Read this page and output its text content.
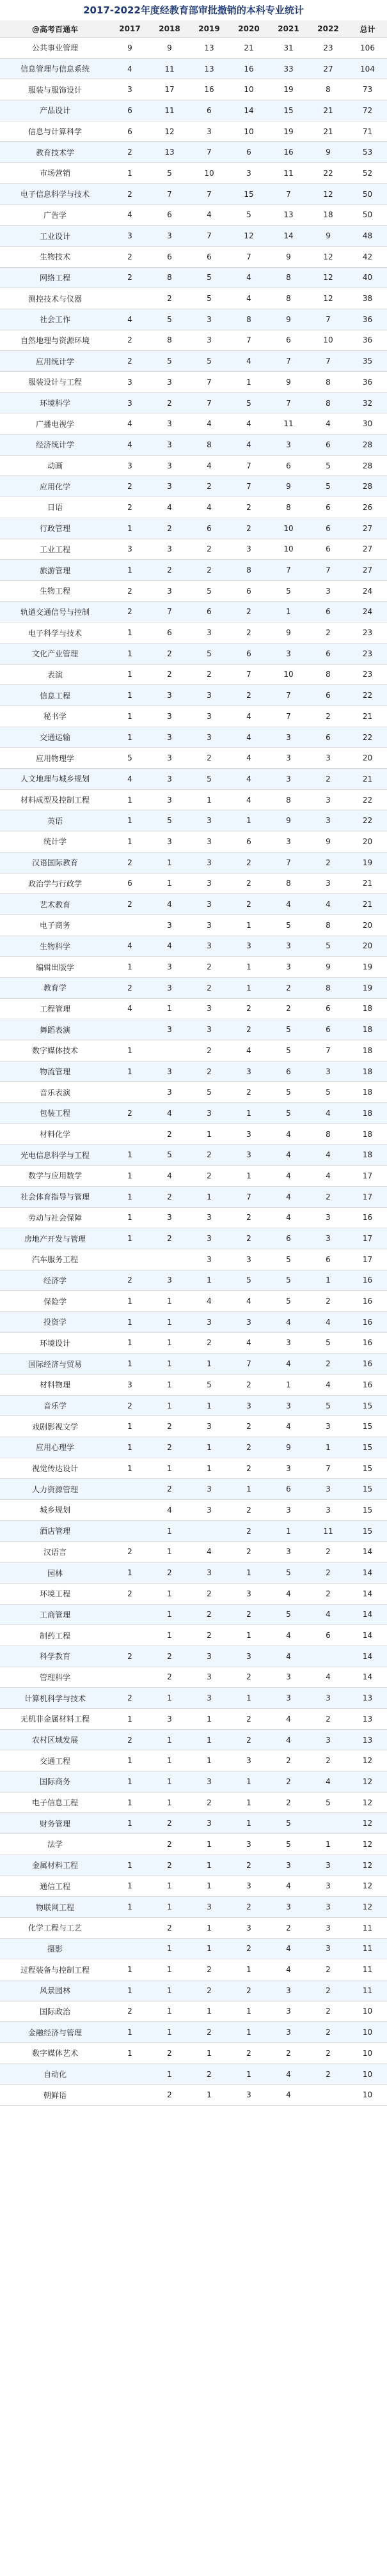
2017-2022年度经教育部审批撤销的本科专业统计
@高考百通车	2017	2018	2019	2020	2021	2022	总计
公共事业管理	9	9	13	21	31	23	106
信息管理与信息系统	4	11	13	16	33	27	104
服装与服饰设计	3	17	16	10	19	8	73
产品设计	6	11	6	14	15	21	72
信息与计算科学	6	12	3	10	19	21	71
教育技术学	2	13	7	6	16	9	53
市场营销	1	5	10	3	11	22	52
电子信息科学与技术	2	7	7	15	7	12	50
广告学	4	6	4	5	13	18	50
工业设计	3	3	7	12	14	9	48
生物技术	2	6	6	7	9	12	42
网络工程	2	8	5	4	8	12	40
测控技术与仪器		2	5	4	8	12	38
社会工作	4	5	3	8	9	7	36
自然地理与资源环境	2	8	3	7	6	10	36
应用统计学	2	5	5	4	7	7	35
服装设计与工程	3	3	7	1	9	8	36
环境科学	3	2	7	5	7	8	32
广播电视学	4	3	4	4	11	4	30
经济统计学	4	3	8	4	3	6	28
动画	3	3	4	7	6	5	28
应用化学	2	3	2	7	9	5	28
日语	2	4	4	2	8	6	26
行政管理	1	2	6	2	10	6	27
工业工程	3	3	2	3	10	6	27
旅游管理	1	2	2	8	7	7	27
生物工程	2	3	5	6	5	3	24
轨道交通信号与控制	2	7	6	2	1	6	24
电子科学与技术	1	6	3	2	9	2	23
文化产业管理	1	2	5	6	3	6	23
表演	1	2	2	7	10	8	23
信息工程	1	3	3	2	7	6	22
秘书学	1	3	3	4	7	2	21
交通运输	1	3	3	4	3	6	22
应用物理学	5	3	2	4	3	3	20
人文地理与城乡规划	4	3	5	4	3	2	21
材料成型及控制工程	1	3	1	4	8	3	22
英语	1	5	3	1	9	3	22
统计学	1	3	3	6	3	9	20
汉语国际教育	2	1	3	2	7	2	19
政治学与行政学	6	1	3	2	8	3	21
艺术教育	2	4	3	2	4	4	21
电子商务		3	3	1	5	8	20
生物科学	4	4	3	3	3	5	20
编辑出版学	1	3	2	1	3	9	19
教育学	2	3	2	1	2	8	19
工程管理	4	1	3	2	2	6	18
舞蹈表演		3	3	2	5	6	18
数字媒体技术	1		2	4	5	7	18
物流管理	1	3	2	3	6	3	18
音乐表演		3	5	2	5	5	18
包装工程	2	4	3	1	5	4	18
材料化学		2	1	3	4	8	18
光电信息科学与工程	1	5	2	3	4	4	18
数学与应用数学	1	4	2	1	4	4	17
社会体育指导与管理	1	2	1	7	4	2	17
劳动与社会保障	1	3	3	2	4	3	16
房地产开发与管理	1	2	3	2	6	3	17
汽车服务工程			3	3	5	6	17
经济学	2	3	1	5	5	1	16
保险学	1	1	4	4	5	2	16
投资学	1	1	3	3	4	4	16
环境设计	1	1	2	4	3	5	16
国际经济与贸易	1	1	1	7	4	2	16
材料物理	3	1	5	2	1	4	16
音乐学	2	1	1	3	3	5	15
戏剧影视文学	1	2	3	2	4	3	15
应用心理学	1	2	1	2	9	1	15
视觉传达设计	1	1	1	2	3	7	15
人力资源管理		2	3	1	6	3	15
城乡规划		4	3	2	3	3	15
酒店管理		1		2	1	11	15
汉语言	2	1	4	2	3	2	14
园林	1	2	3	1	5	2	14
环境工程	2	1	2	3	4	2	14
工商管理		1	2	2	5	4	14
制药工程		1	2	1	4	6	14
科学教育	2	2	3	3	4		14
管理科学		2	3	2	3	4	14
计算机科学与技术	2	1	3	1	3	3	13
无机非金属材料工程	1	3	1	2	4	2	13
农村区域发展	2	1	1	2	4	3	13
交通工程	1	1	1	3	2	2	12
国际商务	1	1	3	1	2	4	12
电子信息工程	1	1	2	1	2	5	12
财务管理	1	2	3	1	5		12
法学		2	1	3	5	1	12
金属材料工程	1	2	1	2	3	3	12
通信工程	1	1	1	3	4	3	12
物联网工程	1	1	3	2	3	3	12
化学工程与工艺		2	1	3	2	3	11
摄影		1	1	2	4	3	11
过程装备与控制工程	1	1	2	1	4	2	11
风景园林	1	1	2	2	3	2	11
国际政治	2	1	1	1	3	2	10
金融经济与管理	1	1	2	1	3	2	10
数字媒体艺术	1	2	1	2	2	2	10
自动化		1	2	1	4	2	10
朝鲜语		2	1	3	4		10
